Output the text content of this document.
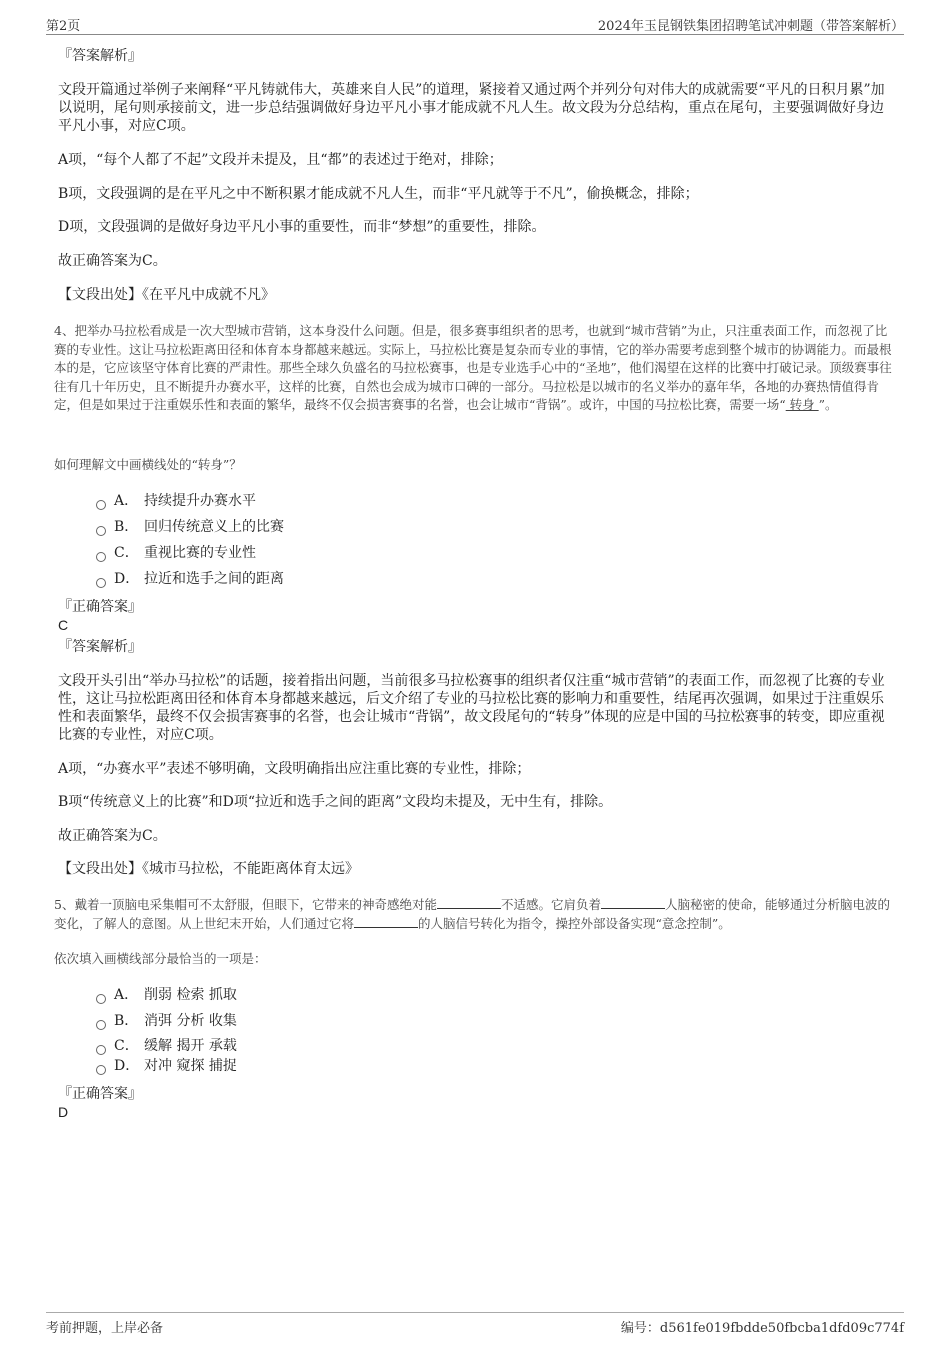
第2页	2024年玉昆钢铁集团招聘笔试冲刺题（带答案解析）
『答案解析』
文段开篇通过举例子来阐释“平凡铸就伟大，英雄来自人民”的道理，紧接着又通过两个并列分句对伟大的成就需要“平凡的日积月累”加以说明，尾句则承接前文，进一步总结强调做好身边平凡小事才能成就不凡人生。故文段为分总结构，重点在尾句，主要强调做好身边平凡小事，对应C项。
A项，“每个人都了不起”文段并未提及，且“都”的表述过于绝对，排除；
B项，文段强调的是在平凡之中不断积累才能成就不凡人生，而非“平凡就等于不凡”，偷换概念，排除；
D项，文段强调的是做好身边平凡小事的重要性，而非“梦想”的重要性，排除。
故正确答案为C。
【文段出处】《在平凡中成就不凡》
4、把举办马拉松看成是一次大型城市营销，这本身没什么问题。但是，很多赛事组织者的思考，也就到“城市营销”为止，只注重表面工作，而忽视了比赛的专业性。这让马拉松距离田径和体育本身都越来越远。实际上，马拉松比赛是复杂而专业的事情，它的举办需要考虑到整个城市的协调能力。而最根本的是，它应该坚守体育比赛的严肃性。那些全球久负盛名的马拉松赛事，也是专业选手心中的“圣地”，他们渴望在这样的比赛中打破记录。顶级赛事往往有几十年历史，且不断提升办赛水平，这样的比赛，自然也会成为城市口碑的一部分。马拉松是以城市的名义举办的嘉年华，各地的办赛热情值得肯定，但是如果过于注重娱乐性和表面的繁华，最终不仅会损害赛事的名誉，也会让城市“背锅”。或许，中国的马拉松比赛，需要一场“ 转身 ”。
如何理解文中画横线处的“转身”？
A． 持续提升办赛水平
B． 回归传统意义上的比赛
C． 重视比赛的专业性
D． 拉近和选手之间的距离
『正确答案』
C
『答案解析』
文段开头引出“举办马拉松”的话题，接着指出问题，当前很多马拉松赛事的组织者仅注重“城市营销”的表面工作，而忽视了比赛的专业性，这让马拉松距离田径和体育本身都越来越远，后文介绍了专业的马拉松比赛的影响力和重要性，结尾再次强调，如果过于注重娱乐性和表面繁华，最终不仅会损害赛事的名誉，也会让城市“背锅”，故文段尾句的“转身”体现的应是中国的马拉松赛事的转变，即应重视比赛的专业性，对应C项。
A项，“办赛水平”表述不够明确，文段明确指出应注重比赛的专业性，排除；
B项“传统意义上的比赛”和D项“拉近和选手之间的距离”文段均未提及，无中生有，排除。
故正确答案为C。
【文段出处】《城市马拉松，不能距离体育太远》
5、戴着一顶脑电采集帽可不太舒服，但眼下，它带来的神奇感绝对能	不适感。它肩负着	人脑秘密的使命，能够通过分析脑电波的变化，了解人的意图。从上世纪末开始，人们通过它将	的人脑信号转化为指令，操控外部设备实现“意念控制”。
依次填入画横线部分最恰当的一项是：
A． 削弱 检索 抓取
B． 消弭 分析 收集
C． 缓解 揭开 承载
D． 对冲 窥探 捕捉
『正确答案』
D
考前押题，上岸必备	编号：d561fe019fbdde50fbcba1dfd09c774f
